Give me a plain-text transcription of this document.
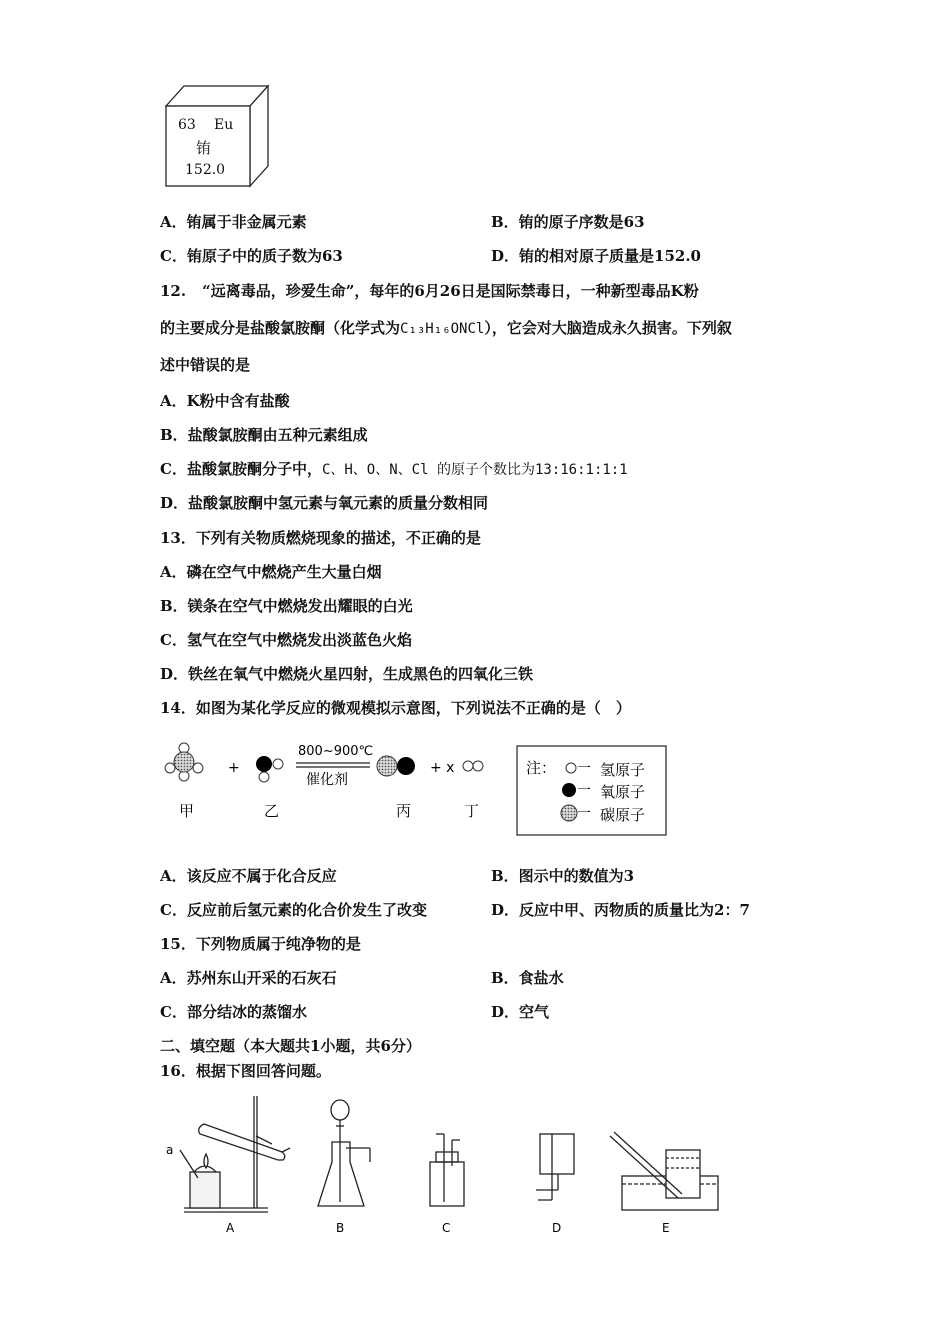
63 Eu
铕
152.0
A．铕属于非金属元素	B．铕的原子序数是63
C．铕原子中的质子数为63	D．铕的相对原子质量是152.0
12. “远离毒品，珍爱生命”，每年的6月26日是国际禁毒日，一种新型毒品K粉
的主要成分是盐酸氯胺酮（化学式为C₁₃H₁₆ONCl），它会对大脑造成永久损害。下列叙
述中错误的是
A．K粉中含有盐酸
B．盐酸氯胺酮由五种元素组成
C．盐酸氯胺酮分子中，C、H、O、N、Cl 的原子个数比为13:16:1:1:1
D．盐酸氯胺酮中氢元素与氧元素的质量分数相同
13．下列有关物质燃烧现象的描述，不正确的是
A．磷在空气中燃烧产生大量白烟
B．镁条在空气中燃烧发出耀眼的白光
C．氢气在空气中燃烧发出淡蓝色火焰
D．铁丝在氧气中燃烧火星四射，生成黑色的四氧化三铁
14．如图为某化学反应的微观模拟示意图，下列说法不正确的是（　）
+
800~900℃
催化剂
+ x
甲	乙	丙	丁
注： 一 氢原子
一 氧原子
一 碳原子
A．该反应不属于化合反应	B．图示中的数值为3
C．反应前后氢元素的化合价发生了改变	D．反应中甲、丙物质的质量比为2：7
15．下列物质属于纯净物的是
A．苏州东山开采的石灰石	B．食盐水
C．部分结冰的蒸馏水	D．空气
二、填空题（本大题共1小题，共6分）
16．根据下图回答问题。
a
A	B	C	D	E
